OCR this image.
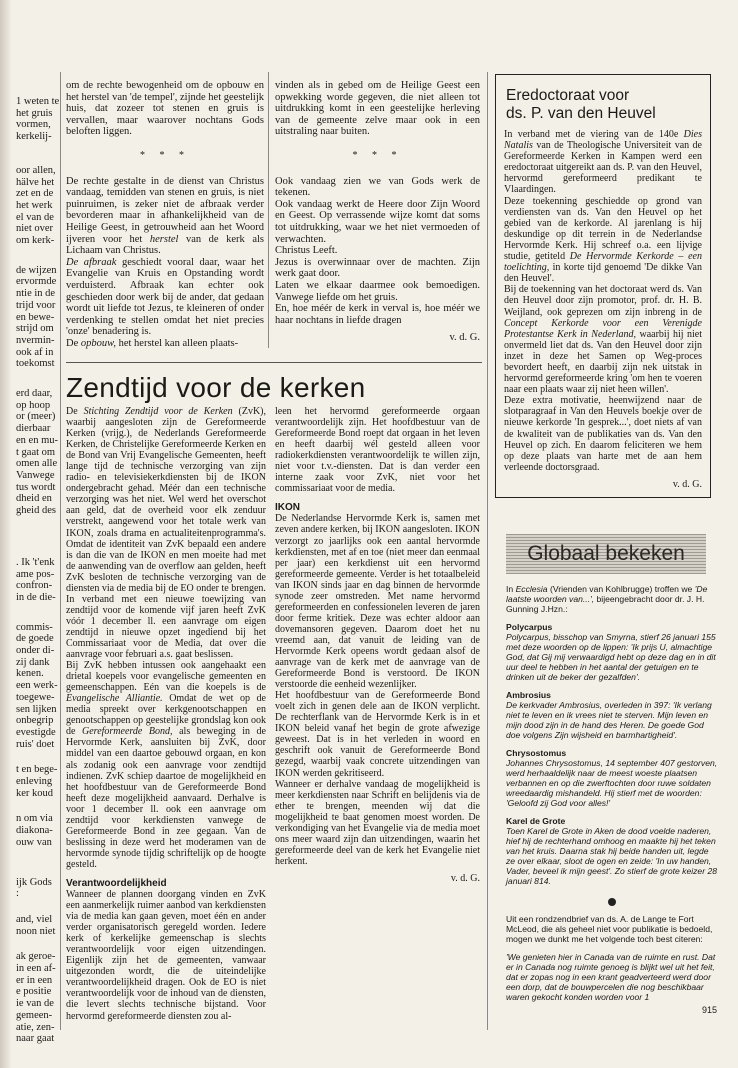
1 weten te

het gruis

vormen,

kerkelij-

oor allen,

hälve het

zet en de

het werk

el van de

niet over

om kerk-

de wijzen

ervormde

ntie in de

trijd voor

en bewe-

strijd om

nvermin-

ook af in

toekomst

erd daar,

op hoop

or (meer)

dierbaar

en en mu-

t gaat om

omen alle

Vanwege

tus wordt

dheid en

gheid des

. Ik 't'enk

ame pos-

confron-

in de die-

commis-

de goede

onder di-

zij dank

kenen.

een werk-

toegewe-

sen lijken

onbegrip

evestigde

ruis' doet

t en bege-

enleving

ker koud

n om via

diakona-

ouw van

ijk Gods

:

and, viel

noon niet

ak geroe-

in een af-

er in een

e positie

ie van de

gemeen-

atie, zen-

naar gaat

om de rechte bewogenheid om de opbouw en het herstel van 'de tempel', zijnde het geestelijk huis, dat zozeer tot stenen en gruis is vervallen, maar waarover nochtans Gods beloften liggen.

* * *

De rechte gestalte in de dienst van Christus vandaag, temidden van stenen en gruis, is niet puinruimen, is zeker niet de afbraak verder bevorderen maar in afhankelijkheid van de Heilige Geest, in getrouwheid aan het Woord ijveren voor het herstel van de kerk als Lichaam van Christus.

De afbraak geschiedt vooral daar, waar het Evangelie van Kruis en Opstanding wordt verduisterd. Afbraak kan echter ook geschieden door werk bij de ander, dat gedaan wordt uit liefde tot Jezus, te kleineren of onder verdenking te stellen omdat het niet precies 'onze' benadering is.

De opbouw, het herstel kan alleen plaats-

vinden als in gebed om de Heilige Geest een opwekking worde gegeven, die niet alleen tot uitdrukking komt in een geestelijke herleving van de gemeente zelve maar ook in een uitstraling naar buiten.

* * *

Ook vandaag zien we van Gods werk de tekenen.

Ook vandaag werkt de Heere door Zijn Woord en Geest. Op verrassende wijze komt dat soms tot uitdrukking, waar we het niet vermoeden of verwachten.

Christus Leeft.

Jezus is overwinnaar over de machten. Zijn werk gaat door.

Laten we elkaar daarmee ook bemoedigen. Vanwege liefde om het gruis.

En, hoe méér de kerk in verval is, hoe méér we haar nochtans in liefde dragen

v. d. G.
Zendtijd voor de kerken

De Stichting Zendtijd voor de Kerken (ZvK), waarbij aangesloten zijn de Gereformeerde Kerken (vrijg.), de Nederlands Gereformeerde Kerken, de Christelijke Gereformeerde Kerken en de Bond van Vrij Evangelische Gemeenten, heeft lange tijd de technische verzorging van zijn radio- en televisiekerkdiensten bij de IKON ondergebracht gehad. Méér dan een technische verzorging was het niet. Wel werd het overschot aan geld, dat de overheid voor elk zenduur verstrekt, aangewend voor het totale werk van IKON, zoals drama en actualiteitenprogramma's. Omdat de identiteit van ZvK bepaald een andere is dan die van de IKON en men moeite had met de aanwending van de overflow aan gelden, heeft ZvK besloten de technische verzorging van de diensten via de media bij de EO onder te brengen.

In verband met een nieuwe toewijzing van zendtijd voor de komende vijf jaren heeft ZvK vóór 1 december ll. een aanvrage om eigen zendtijd in nieuwe opzet ingediend bij het Commissariaat voor de Media, dat over die aanvrage voor februari a.s. gaat beslissen.

Bij ZvK hebben intussen ook aangehaakt een drietal koepels voor evangelische gemeenten en gemeenschappen. Eén van die koepels is de Evangelische Alliantie. Omdat de wet op de media spreekt over kerkgenootschappen en genootschappen op geestelijke grondslag kon ook de Gereformeerde Bond, als beweging in de Hervormde Kerk, aansluiten bij ZvK, door middel van een daartoe gebouwd orgaan, en kon als zodanig ook een aanvrage voor zendtijd indienen. ZvK schiep daartoe de mogelijkheid en het hoofdbestuur van de Gereformeerde Bond heeft deze mogelijkheid aanvaard. Derhalve is voor 1 december ll. ook een aanvrage om zendtijd voor kerkdiensten vanwege de Gereformeerde Bond in zee gegaan. Van de beslissing in deze werd het moderamen van de hervormde synode tijdig schriftelijk op de hoogte gesteld.

Verantwoordelijkheid

Wanneer de plannen doorgang vinden en ZvK een aanmerkelijk ruimer aanbod van kerkdiensten via de media kan gaan geven, moet één en ander verder organisatorisch geregeld worden. Iedere kerk of kerkelijke gemeenschap is slechts verantwoordelijk voor eigen uitzendingen. Eigenlijk zijn het de gemeenten, vanwaar uitgezonden wordt, die de uiteindelijke verantwoordelijkheid dragen. Ook de EO is niet verantwoordelijk voor de inhoud van de diensten, die levert slechts technische bijstand. Voor hervormd gereformeerde diensten zou al-

leen het hervormd gereformeerde orgaan verantwoordelijk zijn. Het hoofdbestuur van de Gereformeerde Bond roept dat orgaan in het leven en heeft daarbij wél gesteld alleen voor radiokerkdiensten verantwoordelijk te willen zijn, niet voor t.v.-diensten. Dat is dan verder een interne zaak voor ZvK, niet voor het commissariaat voor de media.

IKON

De Nederlandse Hervormde Kerk is, samen met zeven andere kerken, bij IKON aangesloten. IKON verzorgt zo jaarlijks ook een aantal hervormde kerkdiensten, met af en toe (niet meer dan eenmaal per jaar) een kerkdienst uit een hervormd gereformeerde gemeente. Verder is het totaalbeleid van IKON sinds jaar en dag binnen de hervormde synode zeer omstreden. Met name hervormd gereformeerden en confessionelen leveren de jaren door ferme kritiek. Deze was echter aldoor aan dovemansoren gegeven. Daarom doet het nu vreemd aan, dat vanuit de leiding van de Hervormde Kerk opeens wordt gedaan alsof de aanvrage van de kerk met de aanvrage van de Gereformeerde Bond is verstoord. De IKON verstoorde die eenheid wezenlijker.

Het hoofdbestuur van de Gereformeerde Bond voelt zich in genen dele aan de IKON verplicht. De rechterflank van de Hervormde Kerk is in et IKON beleid vanaf het begin de grote afwezige geweest. Dat is in het verleden in woord en geschrift ook vanuit de Gereformeerde Bond gezegd, waarbij vaak concrete uitzendingen van IKON werden gekritiseerd.

Wanneer er derhalve vandaag de mogelijkheid is meer kerkdiensten naar Schrift en belijdenis via de ether te brengen, meenden wij dat die mogelijkheid te baat genomen moest worden. De verkondiging van het Evangelie via de media moet ons meer waard zijn dan uitzendingen, waarin het gereformeerde deel van de kerk het Evangelie niet herkent.

v. d. G.
Eredoctoraat voor
ds. P. van den Heuvel

In verband met de viering van de 140e Dies Natalis van de Theologische Universiteit van de Gereformeerde Kerken in Kampen werd een eredoctoraat uitgereikt aan ds. P. van den Heuvel, hervormd gereformeerd predikant te Vlaardingen.

Deze toekenning geschiedde op grond van verdiensten van ds. Van den Heuvel op het gebied van de kerkorde. Al jarenlang is hij deskundige op dit terrein in de Nederlandse Hervormde Kerk. Hij schreef o.a. een lijvige studie, getiteld De Hervormde Kerkorde – een toelichting, in korte tijd genoemd 'De dikke Van den Heuvel'.

Bij de toekenning van het doctoraat werd ds. Van den Heuvel door zijn promotor, prof. dr. H. B. Weijland, ook geprezen om zijn inbreng in de Concept Kerkorde voor een Verenigde Protestantse Kerk in Nederland, waarbij hij niet onvermeld liet dat ds. Van den Heuvel door zijn inzet in deze het Samen op Weg-proces bevordert heeft, en daarbij zijn nek uitstak in hervormd gereformeerde kring 'om hen te voeren naar een plaats waar zij niet heen willen'.

Deze extra motivatie, heenwijzend naar de slotparagraaf in Van den Heuvels boekje over de nieuwe kerkorde 'In gesprek...', doet niets af van de kwaliteit van de publikaties van ds. Van den Heuvel op zich. En daarom feliciteren we hem op deze plaats van harte met de aan hem verleende doctorsgraad.

v. d. G.
Globaal bekeken
In Ecclesia (Vrienden van Kohlbrugge) troffen we 'De laatste woorden van...', bijeengebracht door dr. J. H. Gunning J.Hzn.:
Polycarpus
Polycarpus, bisschop van Smyrna, stierf 26 januari 155 met deze woorden op de lippen: 'Ik prijs U, almachtige God, dat Gij mij verwaardigd hebt op deze dag en in dit uur deel te hebben in het aantal der getuigen en te drinken uit de beker der gezalfden'.
Ambrosius
De kerkvader Ambrosius, overleden in 397: 'Ik verlang niet te leven en ik vrees niet te sterven. Mijn leven en mijn dood zijn in de hand des Heren. De goede God doe volgens Zijn wijsheid en barmhartigheid'.
Chrysostomus
Johannes Chrysostomus, 14 september 407 gestorven, werd herhaaldelijk naar de meest woeste plaatsen verbannen en op die zwerftochten door ruwe soldaten wreedaardig mishandeld. Hij stierf met de woorden: 'Geloofd zij God voor alles!'
Karel de Grote
Toen Karel de Grote in Aken de dood voelde naderen, hief hij de rechterhand omhoog en maakte hij het teken van het kruis. Daarna stak hij beide handen uit, legde ze over elkaar, sloot de ogen en zeide: 'In uw handen, Vader, beveel ik mijn geest'. Zo stierf de grote keizer 28 januari 814.
Uit een rondzendbrief van ds. A. de Lange te Fort McLeod, die als geheel niet voor publikatie is bedoeld, mogen we dunkt me het volgende toch best citeren:
'We genieten hier in Canada van de ruimte en rust. Dat er in Canada nog ruimte genoeg is blijkt wel uit het feit, dat er zopas nog in een krant geadverteerd werd door een dorp, dat de bouwpercelen die nog beschikbaar waren gekocht konden worden voor 1
915
